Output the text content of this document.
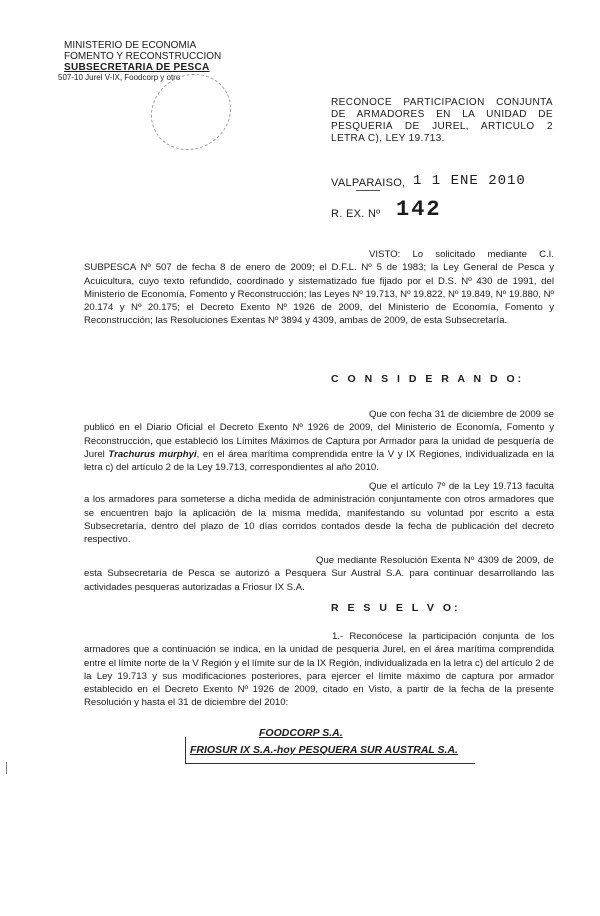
MINISTERIO DE ECONOMIA
FOMENTO Y RECONSTRUCCION
SUBSECRETARIA DE PESCA
507-10 Jurel V-IX, Foodcorp y otro
RECONOCE PARTICIPACION CONJUNTA DE ARMADORES EN LA UNIDAD DE PESQUERIA DE JUREL, ARTICULO 2 LETRA C), LEY 19.713.
VALPARAISO, 1 1 ENE 2010
R. EX. Nº 142

VISTO: Lo solicitado mediante C.I. SUBPESCA Nº 507 de fecha 8 de enero de 2009; el D.F.L. Nº 5 de 1983; la Ley General de Pesca y Acuicultura, cuyo texto refundido, coordinado y sistematizado fue fijado por el D.S. Nº 430 de 1991, del Ministerio de Economía, Fomento y Reconstrucción; las Leyes Nº 19.713, Nº 19.822, Nº 19.849, Nº 19.880, Nº 20.174 y Nº 20.175; el Decreto Exento Nº 1926 de 2009, del Ministerio de Economía, Fomento y Reconstrucción; las Resoluciones Exentas Nº 3894 y 4309, ambas de 2009, de esta Subsecretaría.

C O N S I D E R A N D O:

Que con fecha 31 de diciembre de 2009 se publicó en el Diario Oficial el Decreto Exento Nº 1926 de 2009, del Ministerio de Economía, Fomento y Reconstrucción, que estableció los Límites Máximos de Captura por Armador para la unidad de pesquería de Jurel Trachurus murphyi, en el área marítima comprendida entre la V y IX Regiones, individualizada en la letra c) del artículo 2 de la Ley 19.713, correspondientes al año 2010.

Que el artículo 7º de la Ley 19.713 faculta a los armadores para someterse a dicha medida de administración conjuntamente con otros armadores que se encuentren bajo la aplicación de la misma medida, manifestando su voluntad por escrito a esta Subsecretaría, dentro del plazo de 10 días corridos contados desde la fecha de publicación del decreto respectivo.

Que mediante Resolución Exenta Nº 4309 de 2009, de esta Subsecretaría de Pesca se autorizó a Pesquera Sur Austral S.A. para continuar desarrollando las actividades pesqueras autorizadas a Friosur IX S.A.

R E S U E L V O:

1.- Reconócese la participación conjunta de los armadores que a continuación se indica, en la unidad de pesquería Jurel, en el área marítima comprendida entre el límite norte de la V Región y el límite sur de la IX Región, individualizada en la letra c) del artículo 2 de la Ley 19.713 y sus modificaciones posteriores, para ejercer el límite máximo de captura por armador establecido en el Decreto Exento Nº 1926 de 2009, citado en Visto, a partir de la fecha de la presente Resolución y hasta el 31 de diciembre del 2010:

FOODCORP S.A.
FRIOSUR IX S.A.-hoy PESQUERA SUR AUSTRAL S.A.
